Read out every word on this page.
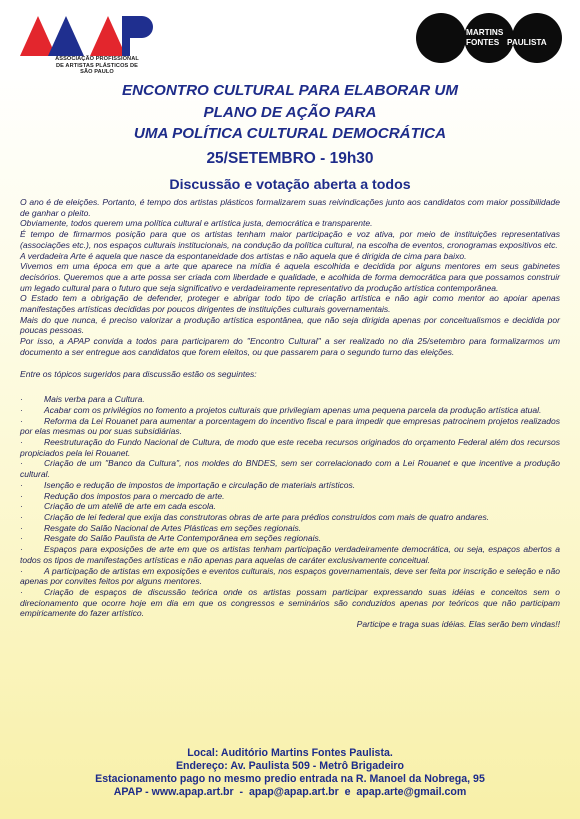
ASSOCIAÇÃO PROFISSIONAL DE ARTISTAS PLÁSTICOS DE SÃO PAULO
MARTINS FONTES PAULISTA
ENCONTRO CULTURAL PARA ELABORAR UM
PLANO DE AÇÃO PARA
UMA POLÍTICA CULTURAL DEMOCRÁTICA
25/SETEMBRO - 19h30
Discussão e votação aberta a todos

O ano é de eleições. Portanto, é tempo dos artistas plásticos formalizarem suas reivindicações junto aos candidatos com maior possibilidade de ganhar o pleito.

Obviamente, todos querem uma política cultural e artística justa, democrática e transparente.

É tempo de firmarmos posição para que os artistas tenham maior participação e voz ativa, por meio de instituições representativas (associações etc.), nos espaços culturais institucionais, na condução da política cultural, na escolha de eventos, cronogramas expositivos etc.

A verdadeira Arte é aquela que nasce da espontaneidade dos artistas e não aquela que é dirigida de cima para baixo.

Vivemos em uma época em que a arte que aparece na mídia é aquela escolhida e decidida por alguns mentores em seus gabinetes decisórios. Queremos que a arte possa ser criada com liberdade e qualidade, e acolhida de forma democrática para que possamos construir um legado cultural para o futuro que seja significativo e verdadeiramente representativo da produção artística contemporânea.

O Estado tem a obrigação de defender, proteger e abrigar todo tipo de criação artística e não agir como mentor ao apoiar apenas manifestações artísticas decididas por poucos dirigentes de instituições culturais governamentais.

Mais do que nunca, é preciso valorizar a produção artística espontânea, que não seja dirigida apenas por conceitualismos e decidida por poucas pessoas.

Por isso, a APAP convida a todos para participarem do "Encontro Cultural" a ser realizado no dia 25/setembro para formalizarmos um documento a ser entregue aos candidatos que forem eleitos, ou que passarem para o segundo turno das eleições.

Entre os tópicos sugeridos para discussão estão os seguintes:

· Mais verba para a Cultura.

· Acabar com os privilégios no fomento a projetos culturais que privilegiam apenas uma pequena parcela da produção artística atual.

· Reforma da Lei Rouanet para aumentar a porcentagem do incentivo fiscal e para impedir que empresas patrocinem projetos realizados por elas mesmas ou por suas subsidiárias.

· Reestruturação do Fundo Nacional de Cultura, de modo que este receba recursos originados do orçamento Federal além dos recursos propiciados pela lei Rouanet.

· Criação de um "Banco da Cultura", nos moldes do BNDES, sem ser correlacionado com a Lei Rouanet e que incentive a produção cultural.

· Isenção e redução de impostos de importação e circulação de materiais artísticos.

· Redução dos impostos para o mercado de arte.

· Criação de um ateliê de arte em cada escola.

· Criação de lei federal que exija das construtoras obras de arte para prédios construídos com mais de quatro andares.

· Resgate do Salão Nacional de Artes Plásticas em seções regionais.

· Resgate do Salão Paulista de Arte Contemporânea em seções regionais.

· Espaços para exposições de arte em que os artistas tenham participação verdadeiramente democrática, ou seja, espaços abertos a todos os tipos de manifestações artísticas e não apenas para aquelas de caráter exclusivamente conceitual.

· A participação de artistas em exposições e eventos culturais, nos espaços governamentais, deve ser feita por inscrição e seleção e não apenas por convites feitos por alguns mentores.

· Criação de espaços de discussão teórica onde os artistas possam participar expressando suas idéias e conceitos sem o direcionamento que ocorre hoje em dia em que os congressos e seminários são conduzidos apenas por teóricos que não participam empiricamente do fazer artístico.

Participe e traga suas idéias. Elas serão bem vindas!!

Local: Auditório Martins Fontes Paulista.
Endereço: Av. Paulista 509 - Metrô Brigadeiro
Estacionamento pago no mesmo predio entrada na R. Manoel da Nobrega, 95
APAP - www.apap.art.br  -  apap@apap.art.br  e  apap.arte@gmail.com
